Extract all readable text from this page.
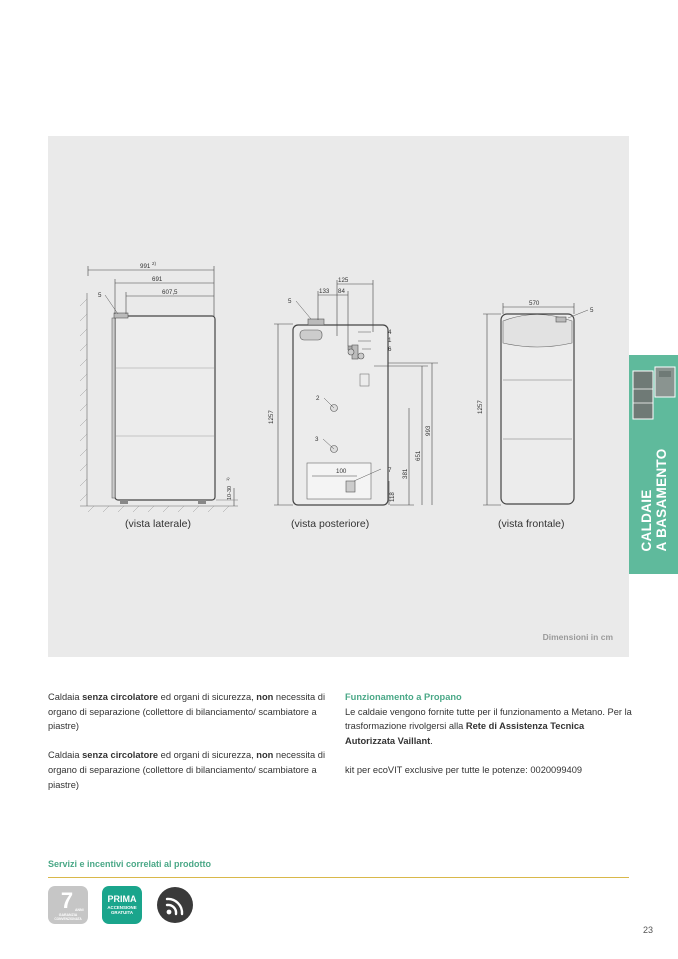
991 2)
691
607,5
5
10-30
1)
125
133 84
1257
993
651
381
118
100
5
4
1
6
2
3
7
570
1257
5
(vista laterale)	(vista posteriore)	(vista frontale)
Dimensioni in cm
CALDAIE
A BASAMENTO

Caldaia senza circolatore ed organi di sicurezza, non necessita di organo di separazione (collettore di bilanciamento/ scambiatore a piastre)

Caldaia senza circolatore ed organi di sicurezza, non necessita di organo di separazione (collettore di bilanciamento/ scambiatore a piastre)

Funzionamento a Propano

Le caldaie vengono fornite tutte per il funzionamento a Metano. Per la trasformazione rivolgersi alla Rete di Assistenza Tecnica Autorizzata Vaillant.

kit per ecoVIT exclusive per tutte le potenze: 0020099409

Servizi e incentivi correlati al prodotto
7 ANNI
GARANZIA
CONVENZIONATA
PRIMA
ACCENSIONE
GRATUITA
23
